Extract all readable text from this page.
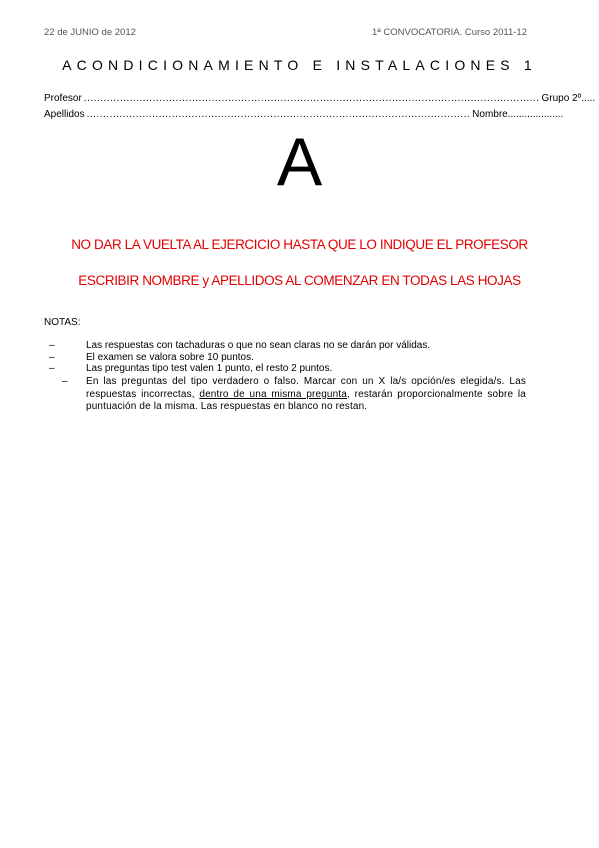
22 de JUNIO de 2012	1ª CONVOCATORIA. Curso 2011-12
ACONDICIONAMIENTO E INSTALACIONES 1
Profesor ........................................................................................................................................... Grupo 2º.....
Apellidos ..................................................................................................................... Nombre....................
A
NO DAR LA VUELTA AL EJERCICIO HASTA QUE LO INDIQUE EL PROFESOR
ESCRIBIR NOMBRE y APELLIDOS AL COMENZAR EN TODAS LAS HOJAS
NOTAS:
–	Las respuestas con tachaduras o que no sean claras no se darán por válidas.
–	El examen se valora sobre 10 puntos.
–	Las preguntas tipo test valen 1 punto, el resto 2 puntos.
– En las preguntas del tipo verdadero o falso. Marcar con un X la/s opción/es elegida/s. Las respuestas incorrectas, dentro de una misma pregunta, restarán proporcionalmente sobre la puntuación de la misma. Las respuestas en blanco no restan.
